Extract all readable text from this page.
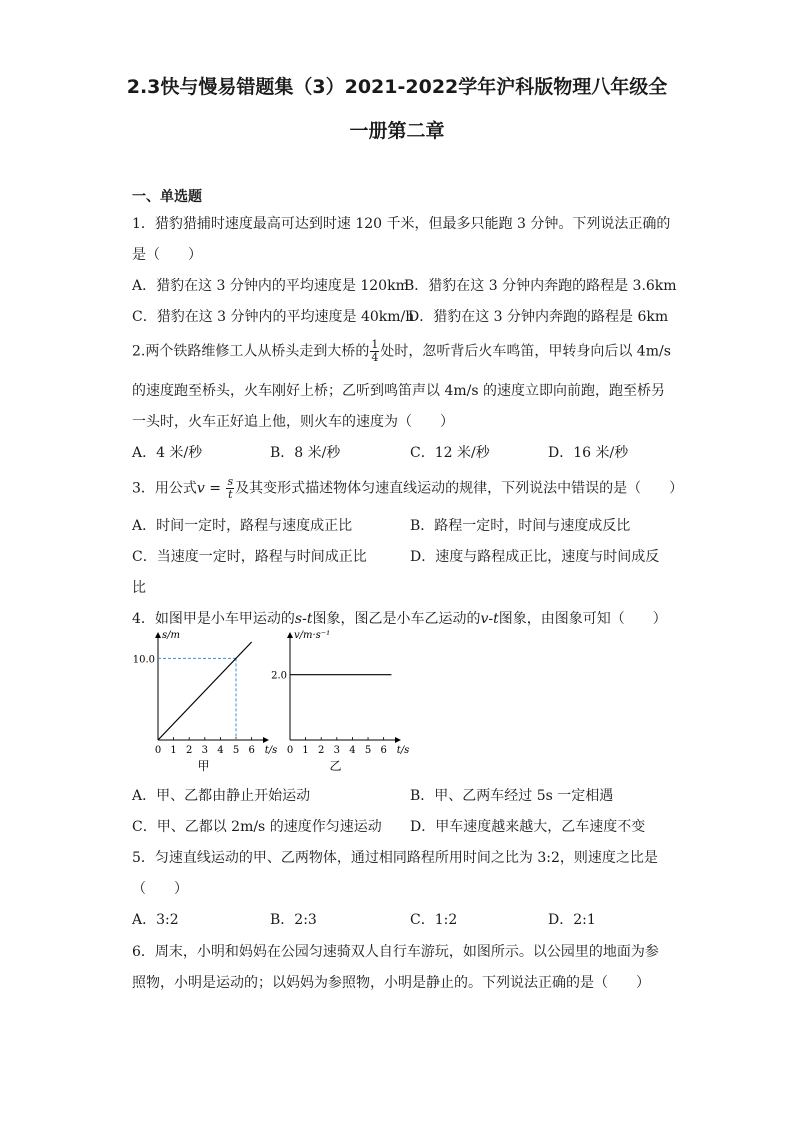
2.3快与慢易错题集（3）2021-2022学年沪科版物理八年级全
一册第二章
一、单选题
1．猎豹猎捕时速度最高可达到时速 120 千米，但最多只能跑 3 分钟。下列说法正确的
是（　　）
A．猎豹在这 3 分钟内的平均速度是 120km
B．猎豹在这 3 分钟内奔跑的路程是 3.6km
C．猎豹在这 3 分钟内的平均速度是 40km/h
D．猎豹在这 3 分钟内奔跑的路程是 6km
2.两个铁路维修工人从桥头走到大桥的 $\frac{1}{4}$ 处时，忽听背后火车鸣笛，甲转身向后以 4m/s
的速度跑至桥头，火车刚好上桥；乙听到鸣笛声以 4m/s 的速度立即向前跑，跑至桥另
一头时，火车正好追上他，则火车的速度为（　　）
A．4 米/秒	B．8 米/秒	C．12 米/秒	D．16 米/秒
3．用公式$v = \frac{s}{t}$ 及其变形式描述物体匀速直线运动的规律，下列说法中错误的是（　　）
A．时间一定时，路程与速度成正比	B．路程一定时，时间与速度成反比
C．当速度一定时，路程与时间成正比	D．速度与路程成正比，速度与时间成反
比
4．如图甲是小车甲运动的s-t图象，图乙是小车乙运动的v-t图象，由图象可知（　　）
0 1 2 3 4 5 6 t/s
s/m
10.0
甲
0 1 2 3 4 5 6 t/s
v/m·s⁻¹
2.0
乙
A．甲、乙都由静止开始运动	B．甲、乙两车经过 5s 一定相遇
C．甲、乙都以 2m/s 的速度作匀速运动 D．甲车速度越来越大，乙车速度不变
5．匀速直线运动的甲、乙两物体，通过相同路程所用时间之比为 3:2，则速度之比是
（　　）
A．3:2	B．2:3	C．1:2	D．2:1
6．周末，小明和妈妈在公园匀速骑双人自行车游玩，如图所示。以公园里的地面为参
照物，小明是运动的；以妈妈为参照物，小明是静止的。下列说法正确的是（　　）
